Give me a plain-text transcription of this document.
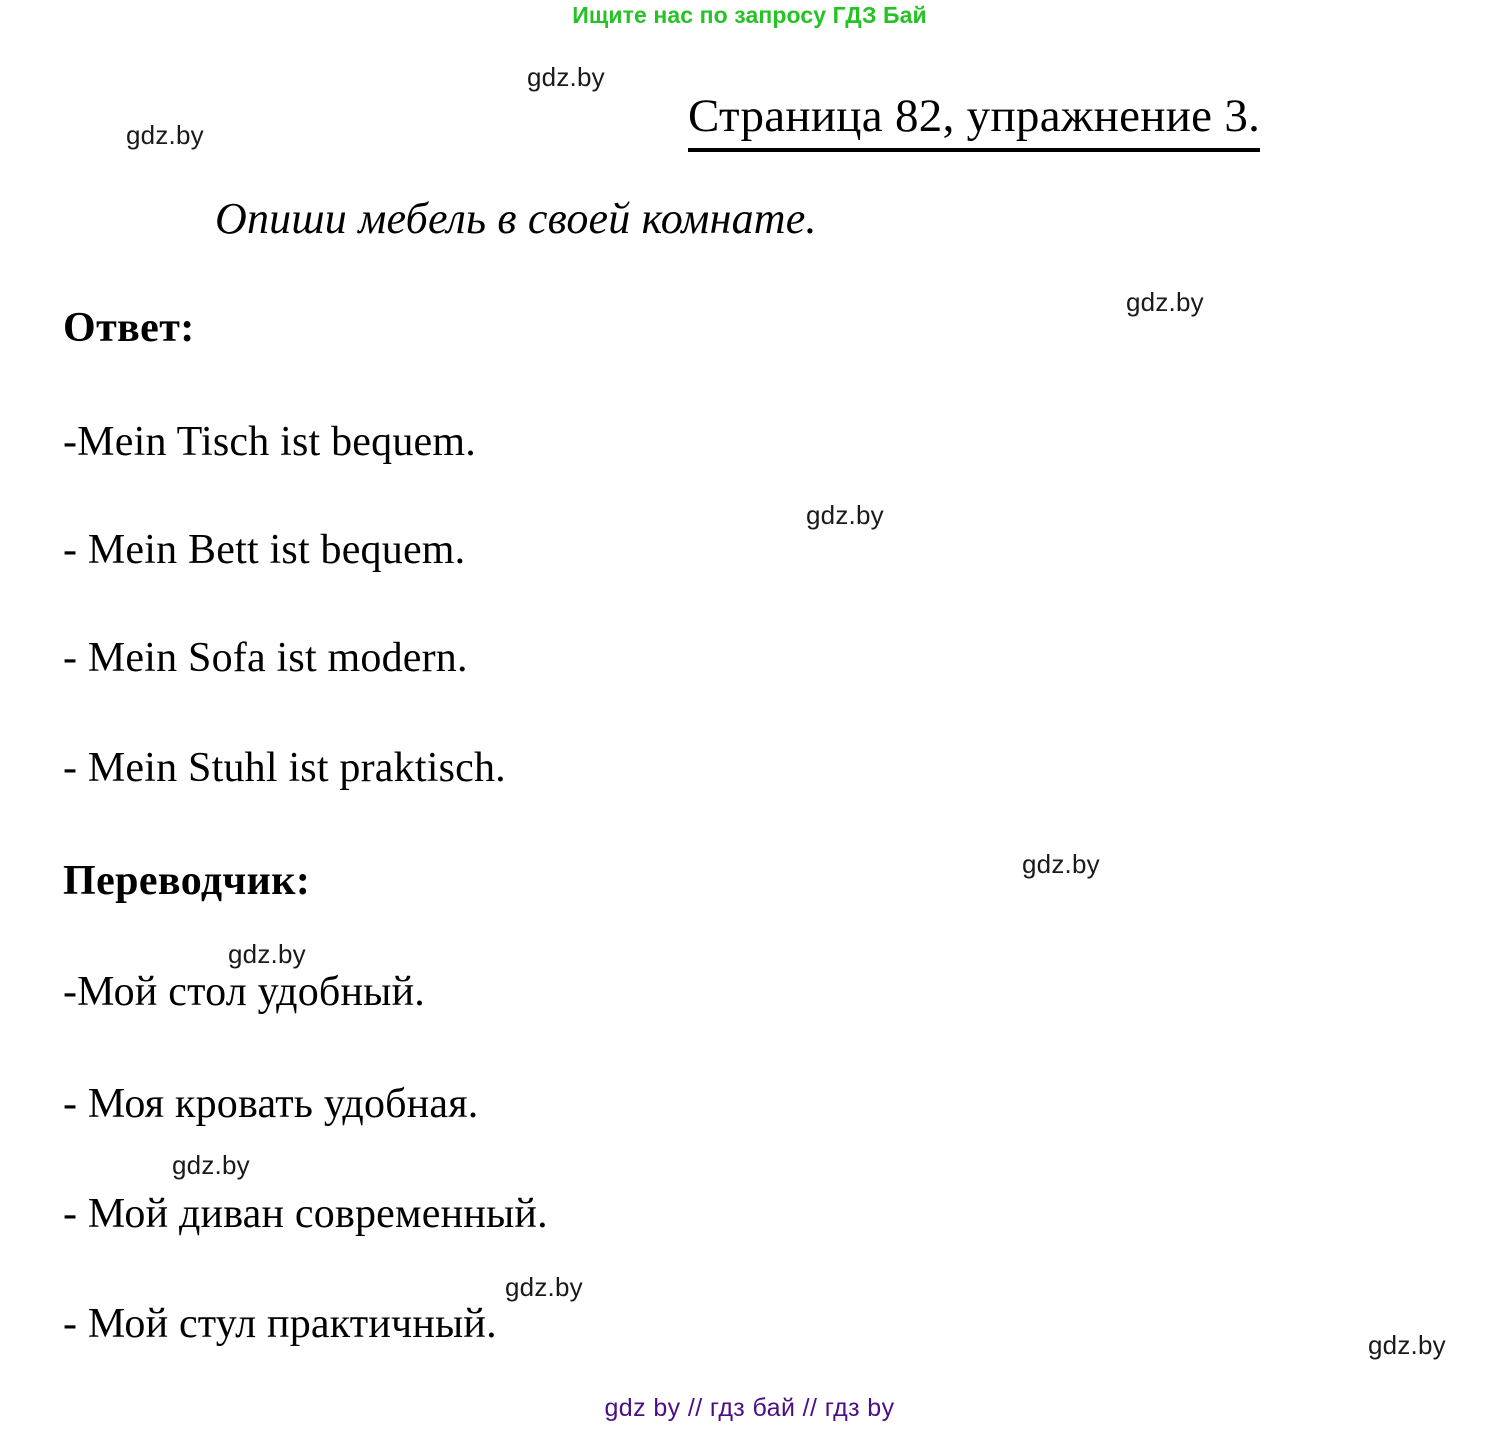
Ищите нас по запросу ГДЗ Бай
Страница 82, упражнение 3.
Опиши мебель в своей комнате.
Ответ:
-Mein Tisch ist bequem.
- Mein Bett ist bequem.
- Mein Sofa ist modern.
- Mein Stuhl ist praktisch.
Переводчик:
-Мой стол удобный.
- Моя кровать удобная.
- Мой диван современный.
- Мой стул практичный.
gdz.by
gdz.by
gdz.by
gdz.by
gdz.by
gdz.by
gdz.by
gdz.by
gdz.by
gdz by // гдз бай // гдз by
